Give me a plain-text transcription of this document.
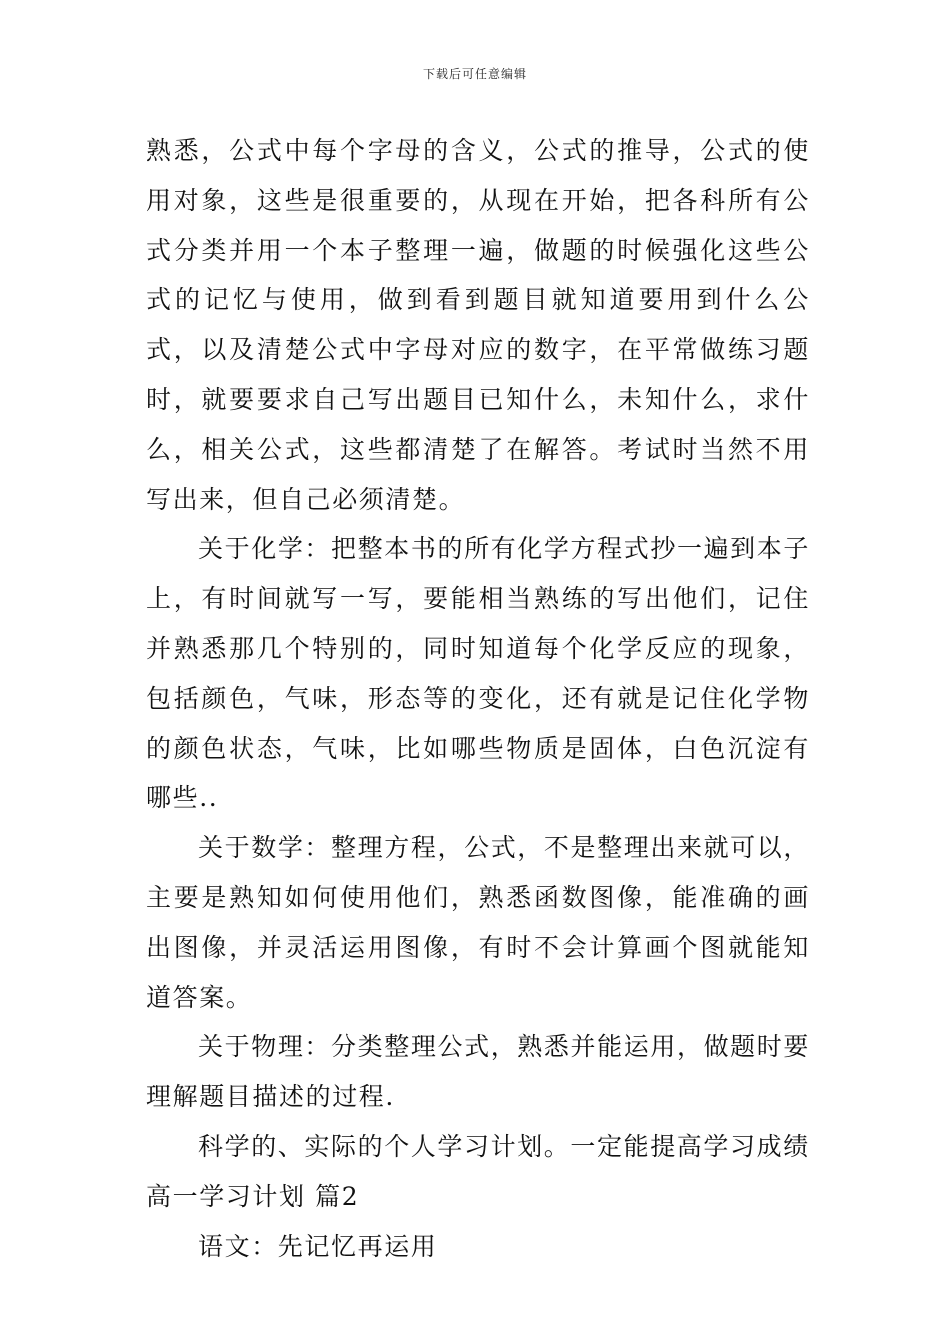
下载后可任意编辑

熟悉，公式中每个字母的含义，公式的推导，公式的使用对象，这些是很重要的，从现在开始，把各科所有公式分类并用一个本子整理一遍，做题的时候强化这些公式的记忆与使用，做到看到题目就知道要用到什么公式，以及清楚公式中字母对应的数字，在平常做练习题时，就要要求自己写出题目已知什么，未知什么，求什么，相关公式，这些都清楚了在解答。考试时当然不用写出来，但自己必须清楚。

关于化学：把整本书的所有化学方程式抄一遍到本子上，有时间就写一写，要能相当熟练的写出他们，记住并熟悉那几个特别的，同时知道每个化学反应的现象，包括颜色，气味，形态等的变化，还有就是记住化学物的颜色状态，气味，比如哪些物质是固体，白色沉淀有哪些..

关于数学：整理方程，公式，不是整理出来就可以，主要是熟知如何使用他们，熟悉函数图像，能准确的画出图像，并灵活运用图像，有时不会计算画个图就能知道答案。

关于物理：分类整理公式，熟悉并能运用，做题时要理解题目描述的过程.

科学的、实际的个人学习计划。一定能提高学习成绩

高一学习计划 篇2

语文：先记忆再运用
